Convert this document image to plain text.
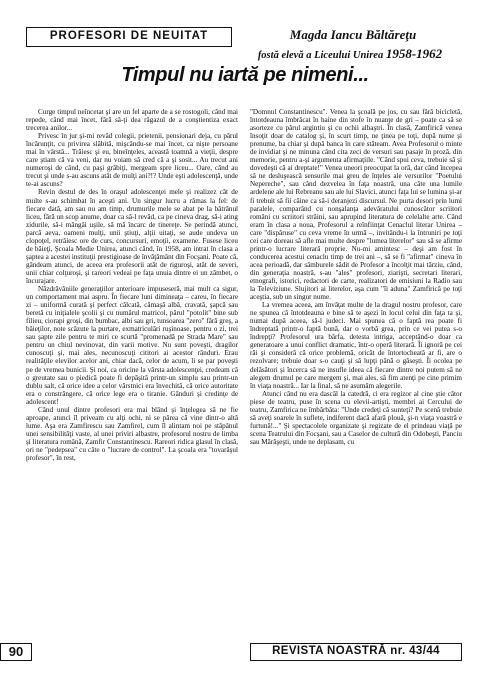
PROFESORI DE NEUITAT	Magda Iancu Băltăreţu
fostă elevă a Liceului Unirea 1958-1962
Timpul nu iartă pe nimeni...

Curge timpul neîncetat şi are un fel aparte de a se rostogoli, când mai repede, când mai încet, fără să-ţi dea răgazul de a conştientiza exact trecerea anilor...

Privesc în jur şi-mi revăd colegii, prietenii, pensionari deja, cu părul încărunţit, cu privirea slăbită, mişcându-se mai încet, ca nişte persoane mai în vârstă... Trăiesc şi eu, bineînţeles, această toamnă a vieţii, despre care ştiam că va veni, dar nu voiam să cred că a şi sosit... Au trecut ani numeroşi de când, cu paşi grăbiţi, mergeam spre liceu... Oare, când au trecut şi unde s-au ascuns atât de mulţi ani?!? Unde eşti adolescenţă, unde te-ai ascuns?

Revin destul de des în oraşul adolescenţei mele şi realizez cât de multe s-au schimbat în aceşti ani. Un singur lucru a rămas la fel: de fiecare dată, am sau nu am timp, drumurile mele se abat pe la bătrânul liceu, fără un scop anume, doar ca să-l revăd, ca pe cineva drag, să-i ating zidurile, să-i mângâi uşile, să mă încarc de tinereţe. Se perindă atunci, parcă aeva, oameni mulţi, unii ştiuţi, alţii uitaţi, se aude undeva un clopoţel, retrăiesc ore de curs, concursuri, emoţii, examene. Fusese liceu de băieţi, Şcoala Medie Unirea, atunci când, în 1958, am intrat în clasa a şaptea a acestei instituţii prestigioase de învăţământ din Focşani. Poate că, gândeam atunci, de aceea era profesorii atât de riguroşi, atât de severi, unii chiar colţuroşi, şi rareori vedeai pe faţa unuia dintre ei un zâmbet, o încurajare.

Năzdrăvăniile generaţiilor anterioare impuseseră, mai mult ca sigur, un comportament mai aspru. În fiecare luni dimineaţa – careu, în fiecare zi – uniformă curată şi perfect călcată, cămaşă albă, cravată, şapcă sau beretă cu iniţialele şcolii şi cu numărul matricol, părul "potolit" bine sub filieu, ciorapi groşi, din bumbac, albi sau gri, tunsoarea "zero" fără greş, a băieţilor, note scăzute la purtare, exmatriculări ruşinoase, pentru o zi, trei sau şapte zile pentru te miri ce scurtă "promenadă pe Strada Mare" sau pentru un chiul nevinovat, din varii motive. Nu sunt poveşti, dragilor cunoscuţi şi, mai ales, necunoscuţi cititori ai acestor rânduri. Erau realităţile elevilor acelor ani, chiar dacă, celor de acum, li se par poveşti pe de vremea bunicii. Şi noi, ca oricine la vârsta adolescenţei, credeam că o greutate sau o piedică poate fi depăşită printr-un simplu sau printr-un dublu salt, că orice idee a celor vârstnici era învechită, că orice autoritate era o constrângere, că orice lege era o tiranie. Gânduri şi credinţe de adolescent!

Când unul dintre profesori era mai blând şi înţelegea să ne fie aproape, atunci îl priveam cu alţi ochi, ni se părea că vine dintr-o altă lume. Aşa era Zamfirescu sau Zamfirel, cum îl alintam noi pe stăpânul unei sensibilităţi vaste, al unei priviri albastre, profesorul nostru de limba şi literatura română, Zamfir Constantinescu. Rareori ridica glasul în clasă, ori ne "pedepsea" cu câte o "lucrare de control". La şcoala era "tovarăşul profesor", în rest,

"Domnul Constantinescu". Venea la şcoală pe jos, cu sau fără bicicletă, întotdeauna îmbrăcat în haine din stofe în nuanţe de gri – poate ca să se asorteze cu părul argintiu şi cu ochii albaştri. În clasă, Zamfirică venea însoţit doar de catalog şi, în scurt timp, ne ţinea pe toţi, după nume şi prenume, ba chiar şi după banca în care stăteam. Avea Profesorul o minte de invidiat şi ne minuna când cita zeci de versuri sau pasaje în proză, din memorie, pentru a-şi argumenta afirmaţiile. "Când spui ceva, trebuie să şi dovedeşti că ai dreptate!" Venea uneori preocupat la oră, dar când începea să ne desluşească sensurile mai greu de înţeles ale versurilor "Poetului Nepereche", sau când dezvelea în faţa noastră, una câte una lumile ardelene ale lui Rebreanu sau ale lui Slavici, atunci faţa lui se lumina şi-ar fi trebuit să fii câine ca să-i deranjezi discursul. Ne purta desori prin lumi paralele, comparând cu nonşalanţa adevăratului cunoscător scriitori români cu scriitori străini, sau aprupind literatura de celelalte arte. Când eram în clasa a noua, Profesorul a reînfiinţat Cenaclul literar Unirea – care "dispăruse" cu ceva vreme în urmă –, invitându-i la întruniri pe toţi cei care doreau să afle mai multe despre "lumea literelor" sau să se afirme printr-o lucrare literară proprie. Nu-mi amintesc – deşi am fost în conducerea acestui cenaclu timp de trei ani –, să se fi "afirmat" cineva în acea perioadă, dar sâmburele sădit de Profesor a încolţit mai târziu, când, din generaţia noastră, s-au "ales" profesori, ziarişti, secretari literari, etnografi, istorici, redactori de carte, realizatori de emisiuni la Radio sau la Televiziune. Slujitori ai literelor, aşa cum "îi aduna" Zamfirică pe toţi aceştia, sub un singur nume.

La vremea aceea, am învăţat multe de la dragul nostru profesor, care ne spunea că întotdeauna e bine să te aşezi în locul celui din faţa ta şi, numai după aceea, să-l judeci. Mai spunea că o faptă rea poate fi îndreptată printr-o faptă bună, dar o vorbă grea, prin ce vei putea s-o îndrepţi? Profesorul ura bârfa, detesta intriga, acceptând-o doar ca generatoare a unui conflict dramatic, într-o operă literară. Îi ignoră pe cei răi şi consideră că orice problemă, oricât de întortocheată ar fi, are o rezolvare; trebuie doar s-o cauţi şi să lupţi până o găseşti. Îi ocolea pe delăsători şi încerca să ne insufle ideea că fiecare dintre noi putem să ne alegem drumul pe care mergem şi, mai ales, să fim atenţi pe cine primim în viaţa noastră... Iar la final, să ne asumăm alegerile.

Atunci când nu era dascăl la catedră, ci era regizor al cine ştie câtor piese de teatru, puse în scena cu elevii-artişti, membri ai Cercului de teatru, Zamfirica ne îmbărbăta: "Unde credeţi că sunteţi? Pe scenă trebuie să aveţi soarele în suflete, indiferent dacă afară plouă, şi-n viaţa voastră e furtună!..." Şi spectacolele organizate şi regizate de el prindeau viaţă pe scena Teatrului din Focşani, sau a Caselor de cultură din Odobeşti, Panciu sau Mărăşeşti, unde ne deplasam, cu

90	REVISTA NOASTRĂ nr. 43/44
